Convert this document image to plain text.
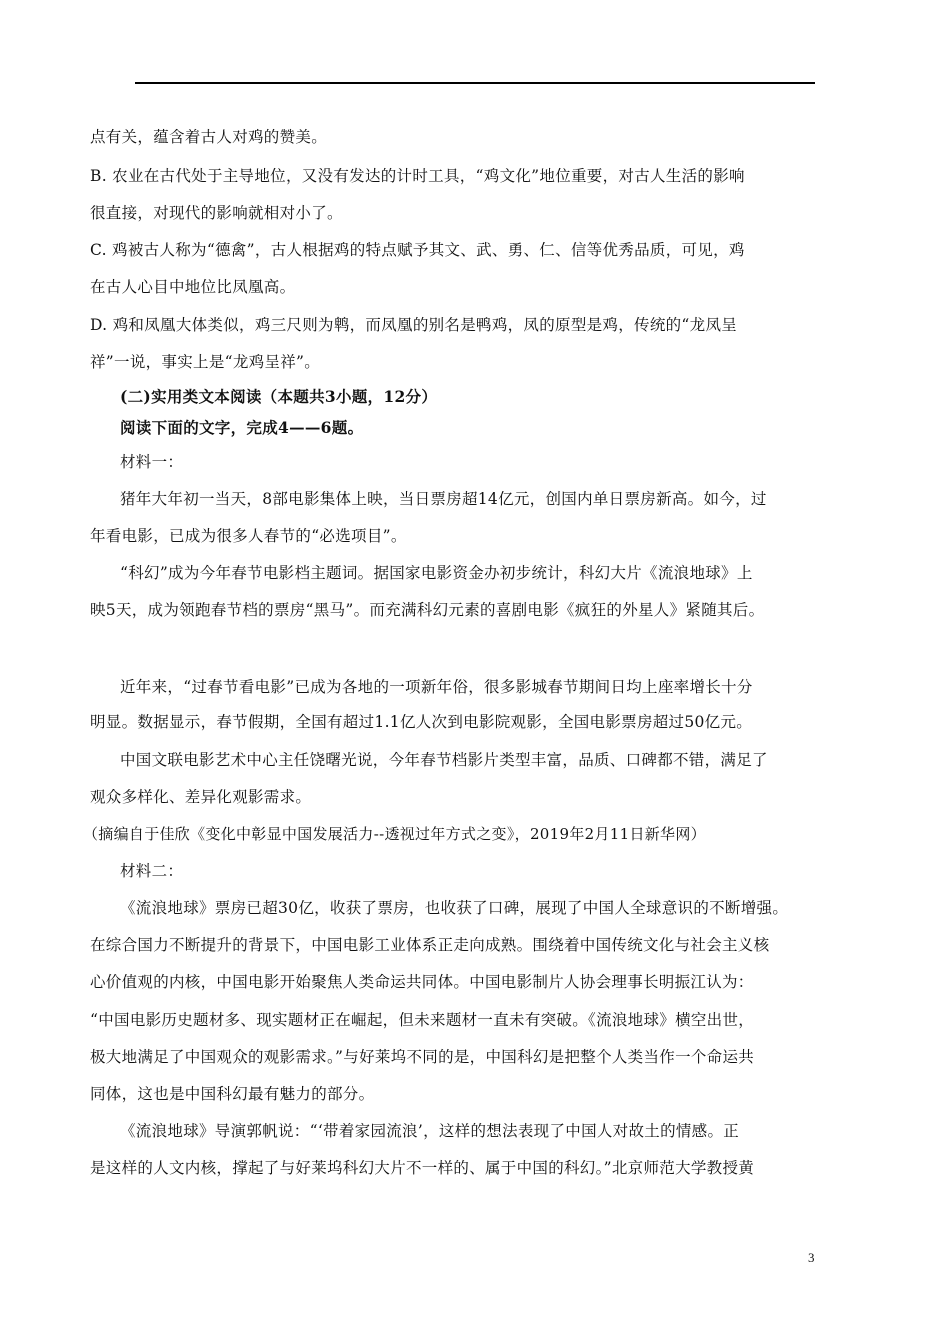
点有关，蕴含着古人对鸡的赞美。
B. 农业在古代处于主导地位，又没有发达的计时工具，“鸡文化”地位重要，对古人生活的影响
很直接，对现代的影响就相对小了。
C. 鸡被古人称为“德禽”，古人根据鸡的特点赋予其文、武、勇、仁、信等优秀品质，可见，鸡
在古人心目中地位比凤凰高。
D. 鸡和凤凰大体类似，鸡三尺则为鹎，而凤凰的别名是鸭鸡，凤的原型是鸡，传统的“龙凤呈
祥”一说，事实上是“龙鸡呈祥”。
(二)实用类文本阅读（本题共3小题，12分）
阅读下面的文字，完成4——6题。
材料一：
猪年大年初一当天，8部电影集体上映，当日票房超14亿元，创国内单日票房新高。如今，过
年看电影，已成为很多人春节的“必选项目”。
“科幻”成为今年春节电影档主题词。据国家电影资金办初步统计，科幻大片《流浪地球》上
映5天，成为领跑春节档的票房“黑马”。而充满科幻元素的喜剧电影《疯狂的外星人》紧随其后。
近年来，“过春节看电影”已成为各地的一项新年俗，很多影城春节期间日均上座率增长十分
明显。数据显示，春节假期，全国有超过1.1亿人次到电影院观影，全国电影票房超过50亿元。
中国文联电影艺术中心主任饶曙光说，今年春节档影片类型丰富，品质、口碑都不错，满足了
观众多样化、差异化观影需求。
（摘编自于佳欣《变化中彰显中国发展活力--透视过年方式之变》，2019年2月11日新华网）
材料二：
《流浪地球》票房已超30亿，收获了票房，也收获了口碑，展现了中国人全球意识的不断增强。
在综合国力不断提升的背景下，中国电影工业体系正走向成熟。围绕着中国传统文化与社会主义核
心价值观的内核，中国电影开始聚焦人类命运共同体。中国电影制片人协会理事长明振江认为：
“中国电影历史题材多、现实题材正在崛起，但未来题材一直未有突破。《流浪地球》横空出世，
极大地满足了中国观众的观影需求。”与好莱坞不同的是，中国科幻是把整个人类当作一个命运共
同体，这也是中国科幻最有魅力的部分。
《流浪地球》导演郭帆说：“‘带着家园流浪’，这样的想法表现了中国人对故土的情感。正
是这样的人文内核，撑起了与好莱坞科幻大片不一样的、属于中国的科幻。”北京师范大学教授黄
3
